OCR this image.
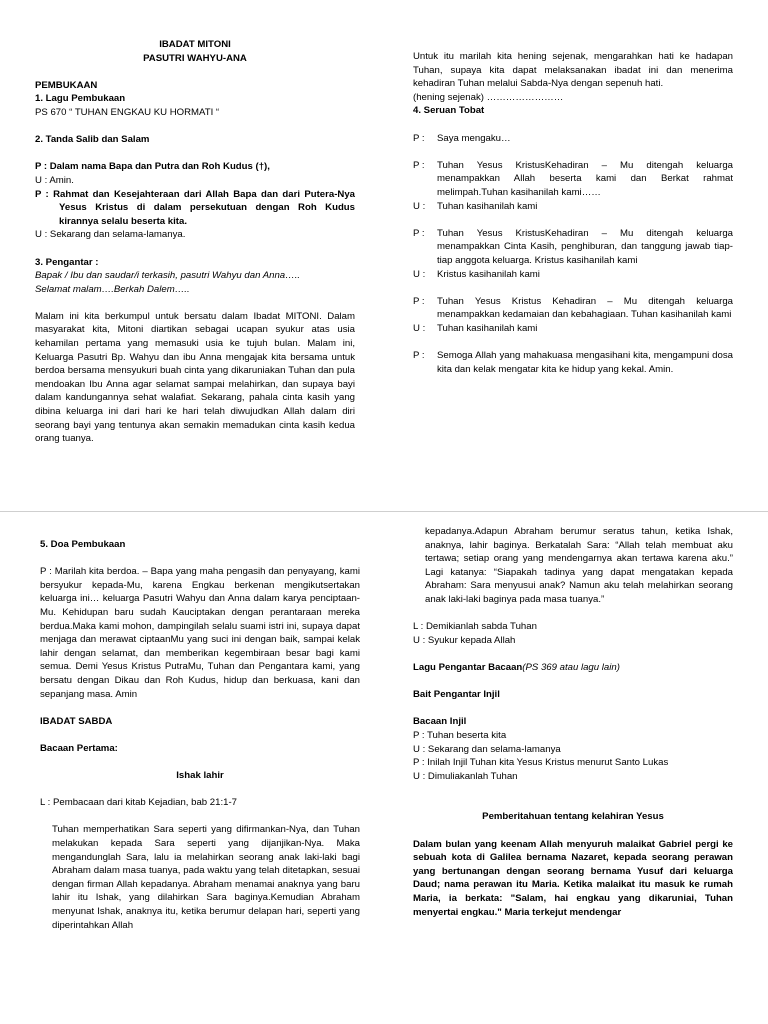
IBADAT MITONI

PASUTRI WAHYU-ANA

PEMBUKAAN

1. Lagu Pembukaan

PS 670 “ TUHAN ENGKAU KU HORMATI “

2. Tanda Salib dan Salam

P : Dalam nama Bapa dan Putra dan Roh Kudus (†),

U : Amin.

P : Rahmat dan Kesejahteraan dari Allah Bapa dan dari Putera-Nya Yesus Kristus di dalam persekutuan dengan Roh Kudus kirannya selalu beserta kita.

U : Sekarang dan selama-lamanya.

3. Pengantar :

Bapak / Ibu dan saudar/i terkasih, pasutri Wahyu dan Anna…..

Selamat malam….Berkah Dalem…..

Malam ini kita berkumpul untuk bersatu dalam Ibadat MITONI. Dalam masyarakat kita, Mitoni diartikan sebagai ucapan syukur atas usia kehamilan pertama yang memasuki usia ke tujuh bulan. Malam ini, Keluarga Pasutri Bp. Wahyu dan ibu Anna mengajak kita bersama untuk berdoa bersama mensyukuri buah cinta yang dikaruniakan Tuhan dan pula mendoakan Ibu Anna agar selamat sampai melahirkan, dan supaya bayi dalam kandungannya sehat walafiat. Sekarang, pahala cinta kasih yang dibina keluarga ini dari hari ke hari telah diwujudkan Allah dalam diri seorang bayi yang tentunya akan semakin memadukan cinta kasih kedua orang tuanya.

Untuk itu marilah kita hening sejenak, mengarahkan hati ke hadapan Tuhan, supaya kita dapat melaksanakan ibadat ini dan menerima kehadiran Tuhan melalui Sabda-Nya dengan sepenuh hati.

(hening sejenak) ……………………

4. Seruan Tobat

P :	Saya mengaku…
P :	Tuhan Yesus KristusKehadiran – Mu ditengah keluarga menampakkan Allah beserta kami dan Berkat rahmat melimpah.Tuhan kasihanilah kami……
U :	Tuhan kasihanilah kami
P :	Tuhan Yesus KristusKehadiran – Mu ditengah keluarga menampakkan Cinta Kasih, penghiburan, dan tanggung jawab tiap-tiap anggota keluarga. Kristus kasihanilah kami
U :	Kristus kasihanilah kami
P :	Tuhan Yesus Kristus Kehadiran – Mu ditengah keluarga menampakkan kedamaian dan kebahagiaan. Tuhan kasihanilah kami
U :	Tuhan kasihanilah kami
P :	Semoga Allah yang mahakuasa mengasihani kita, mengampuni dosa kita dan kelak mengatar kita ke hidup yang kekal. Amin.

5. Doa Pembukaan

P : Marilah kita berdoa. – Bapa yang maha pengasih dan penyayang, kami bersyukur kepada-Mu, karena Engkau berkenan mengikutsertakan keluarga ini… keluarga Pasutri Wahyu dan Anna dalam karya penciptaan-Mu. Kehidupan baru sudah Kauciptakan dengan perantaraan mereka berdua.Maka kami mohon, dampingilah selalu suami istri ini, supaya dapat menjaga dan merawat ciptaanMu yang suci ini dengan baik, sampai kelak lahir dengan selamat, dan memberikan kegembiraan besar bagi kami semua. Demi Yesus Kristus PutraMu, Tuhan dan Pengantara kami, yang bersatu dengan Dikau dan Roh Kudus, hidup dan berkuasa, kani dan sepanjang masa. Amin

IBADAT SABDA

Bacaan Pertama:

Ishak lahir

L : Pembacaan dari kitab Kejadian, bab 21:1-7

Tuhan memperhatikan Sara seperti yang difirmankan-Nya, dan Tuhan melakukan kepada Sara seperti yang dijanjikan-Nya. Maka mengandunglah Sara, lalu ia melahirkan seorang anak laki-laki bagi Abraham dalam masa tuanya, pada waktu yang telah ditetapkan, sesuai dengan firman Allah kepadanya. Abraham menamai anaknya yang baru lahir itu Ishak, yang dilahirkan Sara baginya.Kemudian Abraham menyunat Ishak, anaknya itu, ketika berumur delapan hari, seperti yang diperintahkan Allah

kepadanya.Adapun Abraham berumur seratus tahun, ketika Ishak, anaknya, lahir baginya. Berkatalah Sara: “Allah telah membuat aku tertawa; setiap orang yang mendengarnya akan tertawa karena aku.” Lagi katanya: “Siapakah tadinya yang dapat mengatakan kepada Abraham: Sara menyusui anak? Namun aku telah melahirkan seorang anak laki-laki baginya pada masa tuanya.”

L : Demikianlah sabda Tuhan

U : Syukur kepada Allah

Lagu Pengantar Bacaan(PS 369 atau lagu lain)

Bait Pengantar Injil

Bacaan Injil

P : Tuhan beserta kita

U : Sekarang dan selama-lamanya

P : Inilah Injil Tuhan kita Yesus Kristus menurut Santo Lukas

U : Dimuliakanlah Tuhan

Pemberitahuan tentang kelahiran Yesus

Dalam bulan yang keenam Allah menyuruh malaikat Gabriel pergi ke sebuah kota di Galilea bernama Nazaret, kepada seorang perawan yang bertunangan dengan seorang bernama Yusuf dari keluarga Daud; nama perawan itu Maria. Ketika malaikat itu masuk ke rumah Maria, ia berkata: "Salam, hai engkau yang dikaruniai, Tuhan menyertai engkau." Maria terkejut mendengar
